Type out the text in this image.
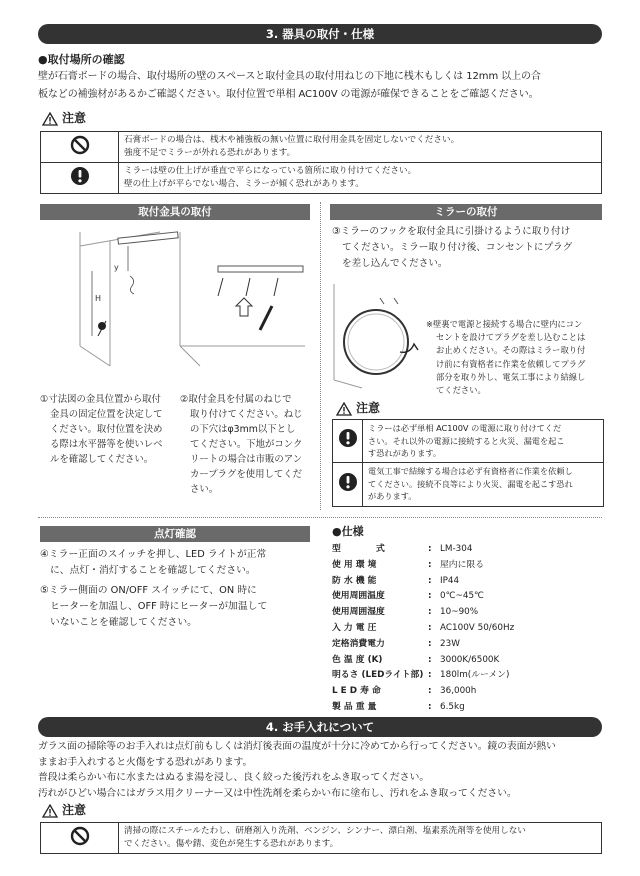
3. 器具の取付・仕様
●取付場所の確認
壁が石膏ボードの場合、取付場所の壁のスペースと取付金具の取付用ねじの下地に桟木もしくは 12mm 以上の合
板などの補強材があるかご確認ください。取付位置で単相 AC100V の電源が確保できることをご確認ください。
注意

石膏ボードの場合は、桟木や補強板の無い位置に取付用金具を固定しないでください。
強度不足でミラーが外れる恐れがあります。

ミラーは壁の仕上げが垂直で平らになっている箇所に取り付けてください。
壁の仕上げが平らでない場合、ミラーが傾く恐れがあります。
取付金具の取付
y
H
①寸法図の金具位置から取付
金具の固定位置を決定して
ください。取付位置を決め
る際は水平器等を使いレベ
ルを確認してください。
②取付金具を付属のねじで
取り付けてください。ねじ
の下穴はφ3mm以下とし
てください。下地がコンク
リートの場合は市販のアン
カープラグを使用してくだ
さい。
ミラーの取付
③ミラーのフックを取付金具に引掛けるように取り付け
てください。ミラー取り付け後、コンセントにプラグ
を差し込んでください。
※壁裏で電源と接続する場合に壁内にコン
セントを設けてプラグを差し込むことは
お止めください。その際はミラー取り付
け前に有資格者に作業を依頼してプラグ
部分を取り外し、電気工事により結線し
てください。
注意

ミラーは必ず単相 AC100V の電源に取り付けてくだ
さい。それ以外の電源に接続すると火災、漏電を起こ
す恐れがあります。

電気工事で結線する場合は必ず有資格者に作業を依頼し
てください。接続不良等により火災、漏電を起こす恐れ
があります。
点灯確認
④ミラー正面のスイッチを押し、LED ライトが正常
に、点灯・消灯することを確認してください。
⑤ミラー側面の ON/OFF スイッチにて、ON 時に
ヒーターを加温し、OFF 時にヒーターが加温して
いないことを確認してください。
●仕様
型　　　　式	: LM-304
使 用 環 境	: 屋内に限る
防 水 機 能	: IP44
使用周囲温度	: 0℃~45℃
使用周囲湿度	: 10~90%
入 力 電 圧	: AC100V 50/60Hz
定格消費電力	: 23W
色 温 度 (K)	: 3000K/6500K
明るさ (LEDライト部) : 180lm(ルーメン)
L E D 寿 命	: 36,000h
製 品 重 量	: 6.5kg
4. お手入れについて
ガラス面の掃除等のお手入れは点灯前もしくは消灯後表面の温度が十分に冷めてから行ってください。鏡の表面が熱い
ままお手入れすると火傷をする恐れがあります。
普段は柔らかい布に水またはぬるま湯を浸し、良く絞った後汚れをふき取ってください。
汚れがひどい場合にはガラス用クリーナー又は中性洗剤を柔らかい布に塗布し、汚れをふき取ってください。
注意

清掃の際にスチールたわし、研磨剤入り洗剤、ベンジン、シンナー、漂白剤、塩素系洗剤等を使用しない
でください。傷や錆、変色が発生する恐れがあります。
